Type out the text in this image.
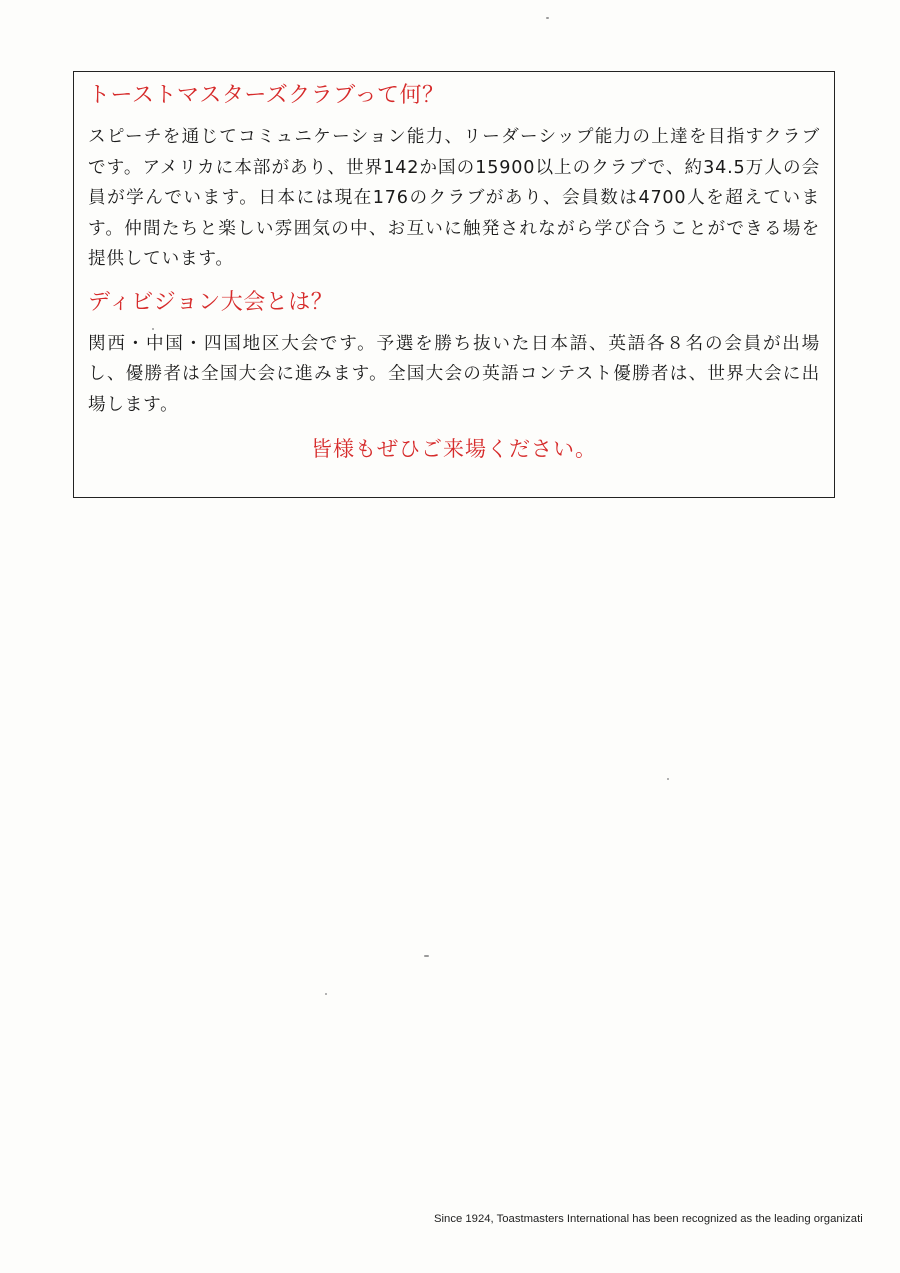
トーストマスターズクラブって何？

スピーチを通じてコミュニケーション能力、リーダーシップ能力の上達を目指すクラブです。アメリカに本部があり、世界142か国の15900以上のクラブで、約34.5万人の会員が学んでいます。日本には現在176のクラブがあり、会員数は4700人を超えています。仲間たちと楽しい雰囲気の中、お互いに触発されながら学び合うことができる場を提供しています。

ディビジョン大会とは？

関西・中国・四国地区大会です。予選を勝ち抜いた日本語、英語各８名の会員が出場し、優勝者は全国大会に進みます。全国大会の英語コンテスト優勝者は、世界大会に出場します。

皆様もぜひご来場ください。

Since 1924, Toastmasters International has been recognized as the leading organizati
